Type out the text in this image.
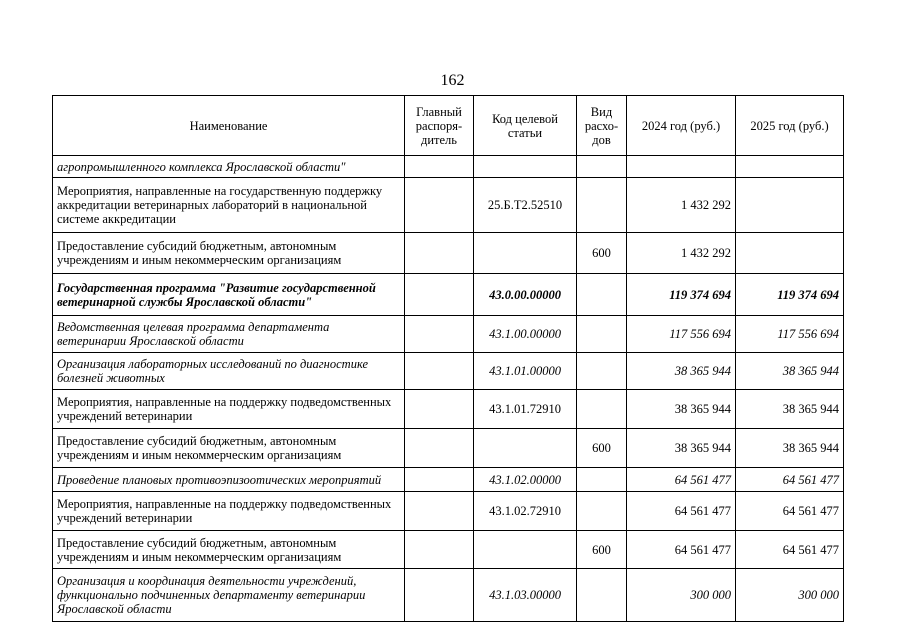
162
Наименование	Главный распоря-дитель	Код целевой статьи	Вид расхо-дов	2024 год (руб.)	2025 год (руб.)
агропромышленного комплекса Ярославской области"					
Мероприятия, направленные на государственную поддержку аккредитации ветеринарных лабораторий в национальной системе аккредитации		25.Б.Т2.52510		1 432 292	
Предоставление субсидий бюджетным, автономным учреждениям и иным некоммерческим организациям			600	1 432 292	
Государственная программа "Развитие государственной ветеринарной службы Ярославской области"		43.0.00.00000		119 374 694	119 374 694
Ведомственная целевая программа департамента ветеринарии Ярославской области		43.1.00.00000		117 556 694	117 556 694
Организация лабораторных исследований по диагностике болезней животных		43.1.01.00000		38 365 944	38 365 944
Мероприятия, направленные на поддержку подведомственных учреждений ветеринарии		43.1.01.72910		38 365 944	38 365 944
Предоставление субсидий бюджетным, автономным учреждениям и иным некоммерческим организациям			600	38 365 944	38 365 944
Проведение плановых противоэпизоотических мероприятий		43.1.02.00000		64 561 477	64 561 477
Мероприятия, направленные на поддержку подведомственных учреждений ветеринарии		43.1.02.72910		64 561 477	64 561 477
Предоставление субсидий бюджетным, автономным учреждениям и иным некоммерческим организациям			600	64 561 477	64 561 477
Организация и координация деятельности учреждений, функционально подчиненных департаменту ветеринарии Ярославской области		43.1.03.00000		300 000	300 000
